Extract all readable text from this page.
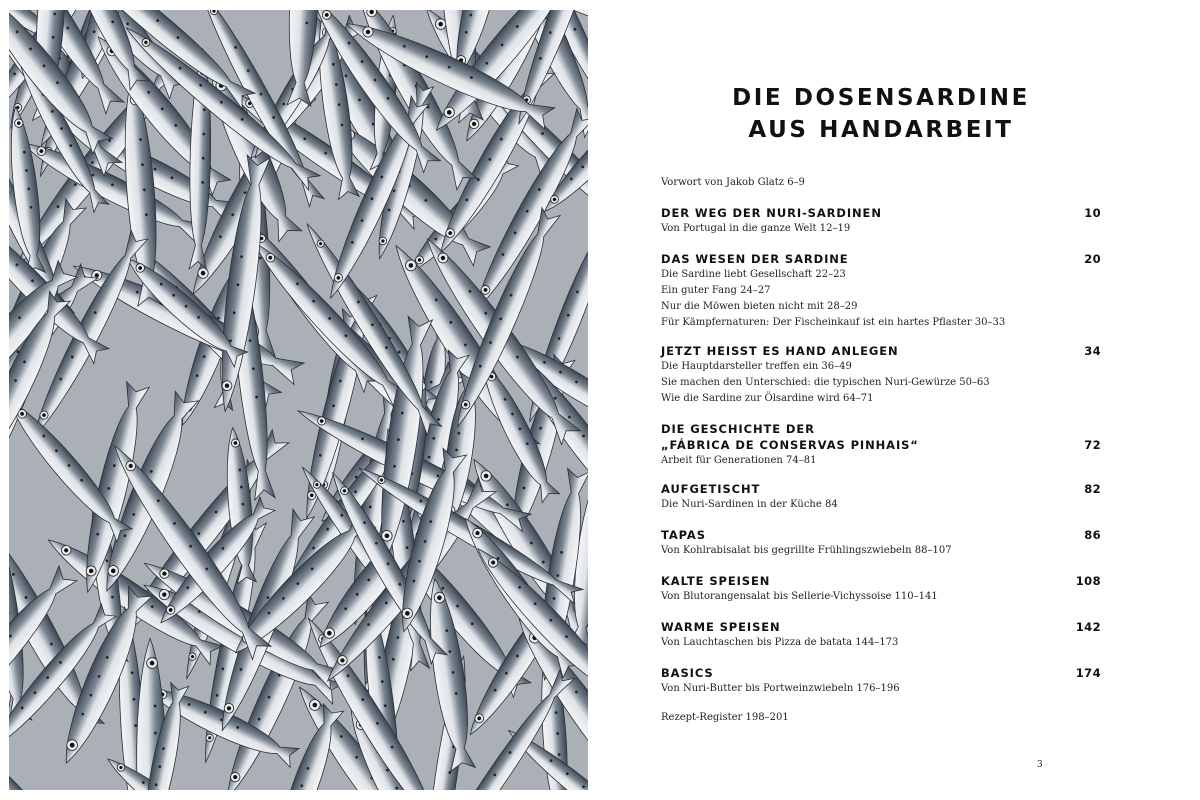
DIE DOSENSARDINE
AUS HANDARBEIT
Vorwort von Jakob Glatz 6–9
DER WEG DER NURI-SARDINEN	10
Von Portugal in die ganze Welt 12–19
DAS WESEN DER SARDINE	20
Die Sardine liebt Gesellschaft 22–23
Ein guter Fang 24–27
Nur die Möwen bieten nicht mit 28–29
Für Kämpfernaturen: Der Fischeinkauf ist ein hartes Pflaster 30–33
JETZT HEISST ES HAND ANLEGEN	34
Die Hauptdarsteller treffen ein 36–49
Sie machen den Unterschied: die typischen Nuri-Gewürze 50–63
Wie die Sardine zur Ölsardine wird 64–71
DIE GESCHICHTE DER
„FÁBRICA DE CONSERVAS PINHAIS“	72
Arbeit für Generationen 74–81
AUFGETISCHT	82
Die Nuri-Sardinen in der Küche 84
TAPAS	86
Von Kohlrabisalat bis gegrillte Frühlingszwiebeln 88–107
KALTE SPEISEN	108
Von Blutorangensalat bis Sellerie-Vichyssoise 110–141
WARME SPEISEN	142
Von Lauchtaschen bis Pizza de batata 144–173
BASICS	174
Von Nuri-Butter bis Portweinzwiebeln 176–196
Rezept-Register 198–201
3
